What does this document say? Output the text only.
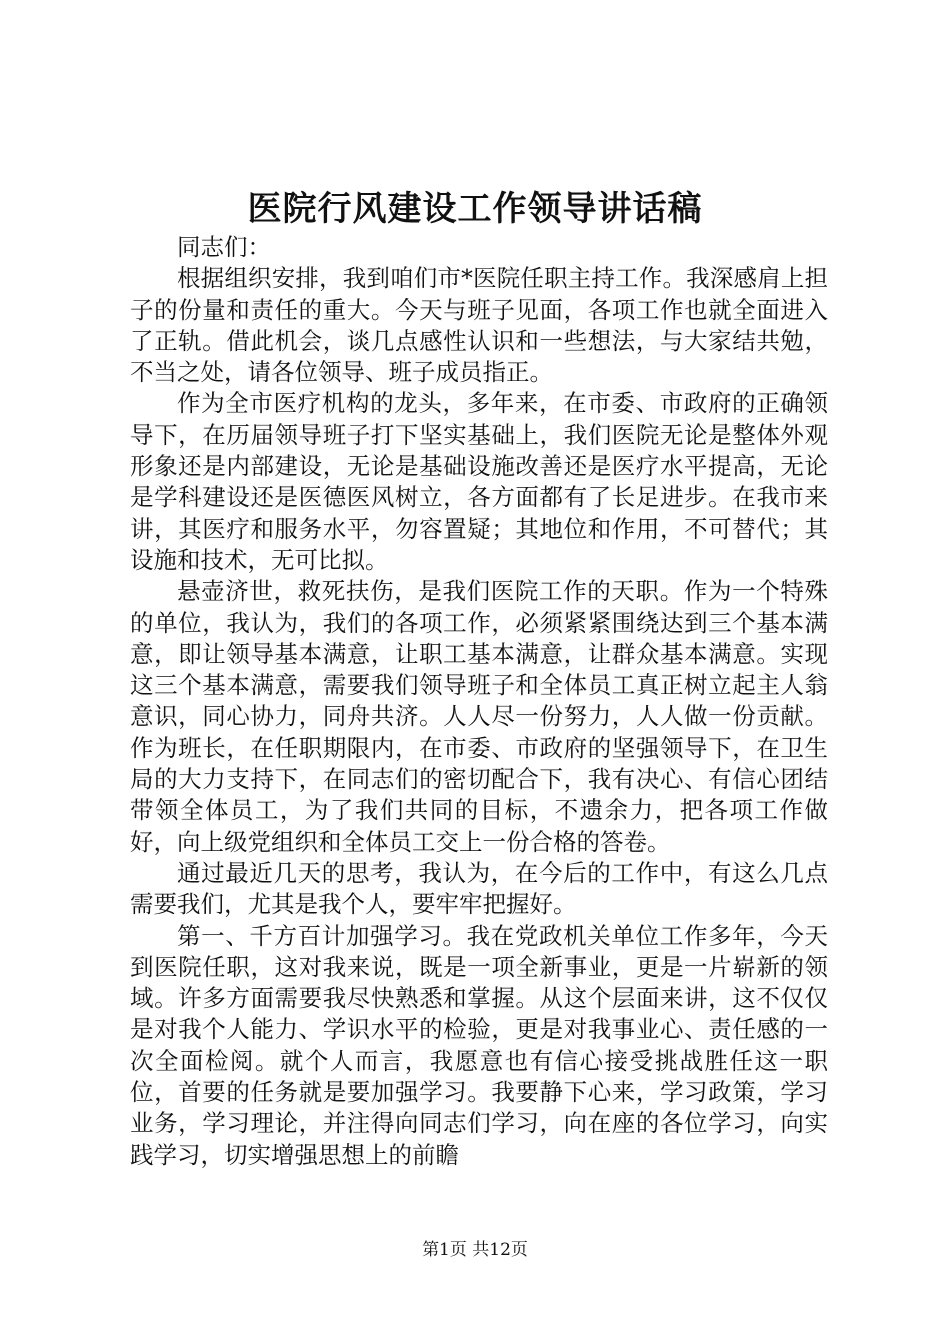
医院行风建设工作领导讲话稿

同志们：

根据组织安排，我到咱们市*医院任职主持工作。我深感肩上担子的份量和责任的重大。今天与班子见面，各项工作也就全面进入了正轨。借此机会，谈几点感性认识和一些想法，与大家结共勉，不当之处，请各位领导、班子成员指正。

作为全市医疗机构的龙头，多年来，在市委、市政府的正确领导下，在历届领导班子打下坚实基础上，我们医院无论是整体外观形象还是内部建设，无论是基础设施改善还是医疗水平提高，无论是学科建设还是医德医风树立，各方面都有了长足进步。在我市来讲，其医疗和服务水平，勿容置疑；其地位和作用，不可替代；其设施和技术，无可比拟。

悬壶济世，救死扶伤，是我们医院工作的天职。作为一个特殊的单位，我认为，我们的各项工作，必须紧紧围绕达到三个基本满意，即让领导基本满意，让职工基本满意，让群众基本满意。实现这三个基本满意，需要我们领导班子和全体员工真正树立起主人翁意识，同心协力，同舟共济。人人尽一份努力，人人做一份贡献。作为班长，在任职期限内，在市委、市政府的坚强领导下，在卫生局的大力支持下，在同志们的密切配合下，我有决心、有信心团结带领全体员工，为了我们共同的目标，不遗余力，把各项工作做好，向上级党组织和全体员工交上一份合格的答卷。

通过最近几天的思考，我认为，在今后的工作中，有这么几点需要我们，尤其是我个人，要牢牢把握好。

第一、千方百计加强学习。我在党政机关单位工作多年，今天到医院任职，这对我来说，既是一项全新事业，更是一片崭新的领域。许多方面需要我尽快熟悉和掌握。从这个层面来讲，这不仅仅是对我个人能力、学识水平的检验，更是对我事业心、责任感的一次全面检阅。就个人而言，我愿意也有信心接受挑战胜任这一职位，首要的任务就是要加强学习。我要静下心来，学习政策，学习业务，学习理论，并注得向同志们学习，向在座的各位学习，向实践学习，切实增强思想上的前瞻

第1页 共12页
